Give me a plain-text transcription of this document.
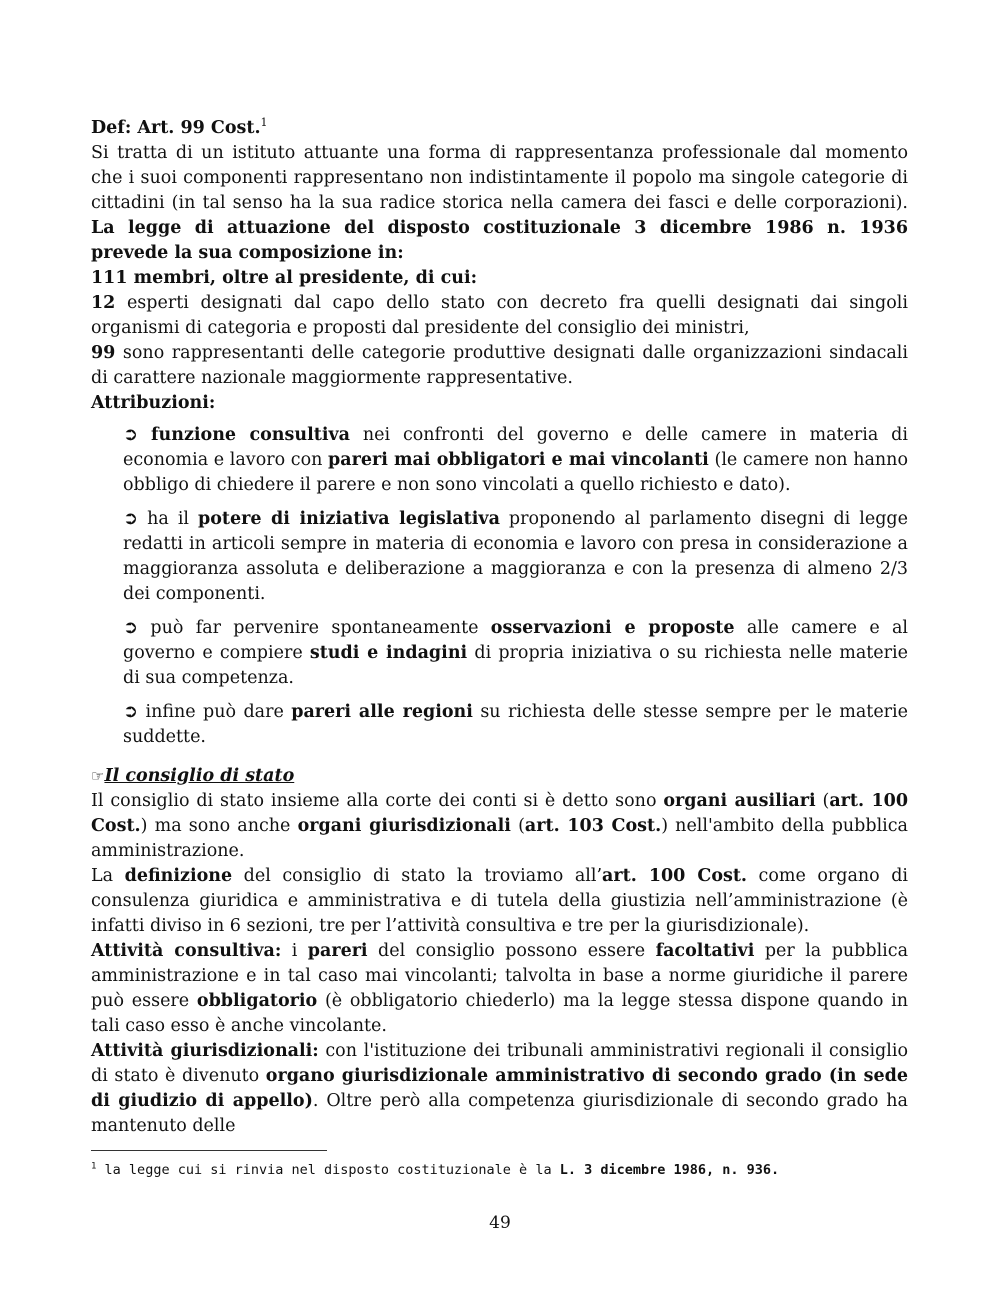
Def: Art. 99 Cost.$^1$

Si tratta di un istituto attuante una forma di rappresentanza professionale dal momento che i suoi componenti rappresentano non indistintamente il popolo ma singole categorie di cittadini (in tal senso ha la sua radice storica nella camera dei fasci e delle corporazioni). La legge di attuazione del disposto costituzionale 3 dicembre 1986 n. 1936 prevede la sua composizione in:

111 membri, oltre al presidente, di cui:

12 esperti designati dal capo dello stato con decreto fra quelli designati dai singoli organismi di categoria e proposti dal presidente del consiglio dei ministri,

99 sono rappresentanti delle categorie produttive designati dalle organizzazioni sindacali di carattere nazionale maggiormente rappresentative.

Attribuzioni:

➲ funzione consultiva nei confronti del governo e delle camere in materia di economia e lavoro con pareri mai obbligatori e mai vincolanti (le camere non hanno obbligo di chiedere il parere e non sono vincolati a quello richiesto e dato).

➲ ha il potere di iniziativa legislativa proponendo al parlamento disegni di legge redatti in articoli sempre in materia di economia e lavoro con presa in considerazione a maggioranza assoluta e deliberazione a maggioranza e con la presenza di almeno 2/3 dei componenti.

➲ può far pervenire spontaneamente osservazioni e proposte alle camere e al governo e compiere studi e indagini di propria iniziativa o su richiesta nelle materie di sua competenza.

➲ infine può dare pareri alle regioni su richiesta delle stesse sempre per le materie suddette.

☞Il consiglio di stato

Il consiglio di stato insieme alla corte dei conti si è detto sono organi ausiliari (art. 100 Cost.) ma sono anche organi giurisdizionali (art. 103 Cost.) nell'ambito della pubblica amministrazione.

La definizione del consiglio di stato la troviamo all’art. 100 Cost. come organo di consulenza giuridica e amministrativa e di tutela della giustizia nell’amministrazione (è infatti diviso in 6 sezioni, tre per l’attività consultiva e tre per la giurisdizionale).

Attività consultiva: i pareri del consiglio possono essere facoltativi per la pubblica amministrazione e in tal caso mai vincolanti; talvolta in base a norme giuridiche il parere può essere obbligatorio (è obbligatorio chiederlo) ma la legge stessa dispone quando in tali caso esso è anche vincolante.

Attività giurisdizionali: con l'istituzione dei tribunali amministrativi regionali il consiglio di stato è divenuto organo giurisdizionale amministrativo di secondo grado (in sede di giudizio di appello). Oltre però alla competenza giurisdizionale di secondo grado ha mantenuto delle

$^1$ la legge cui si rinvia nel disposto costituzionale è la L. 3 dicembre 1986, n. 936.
49
